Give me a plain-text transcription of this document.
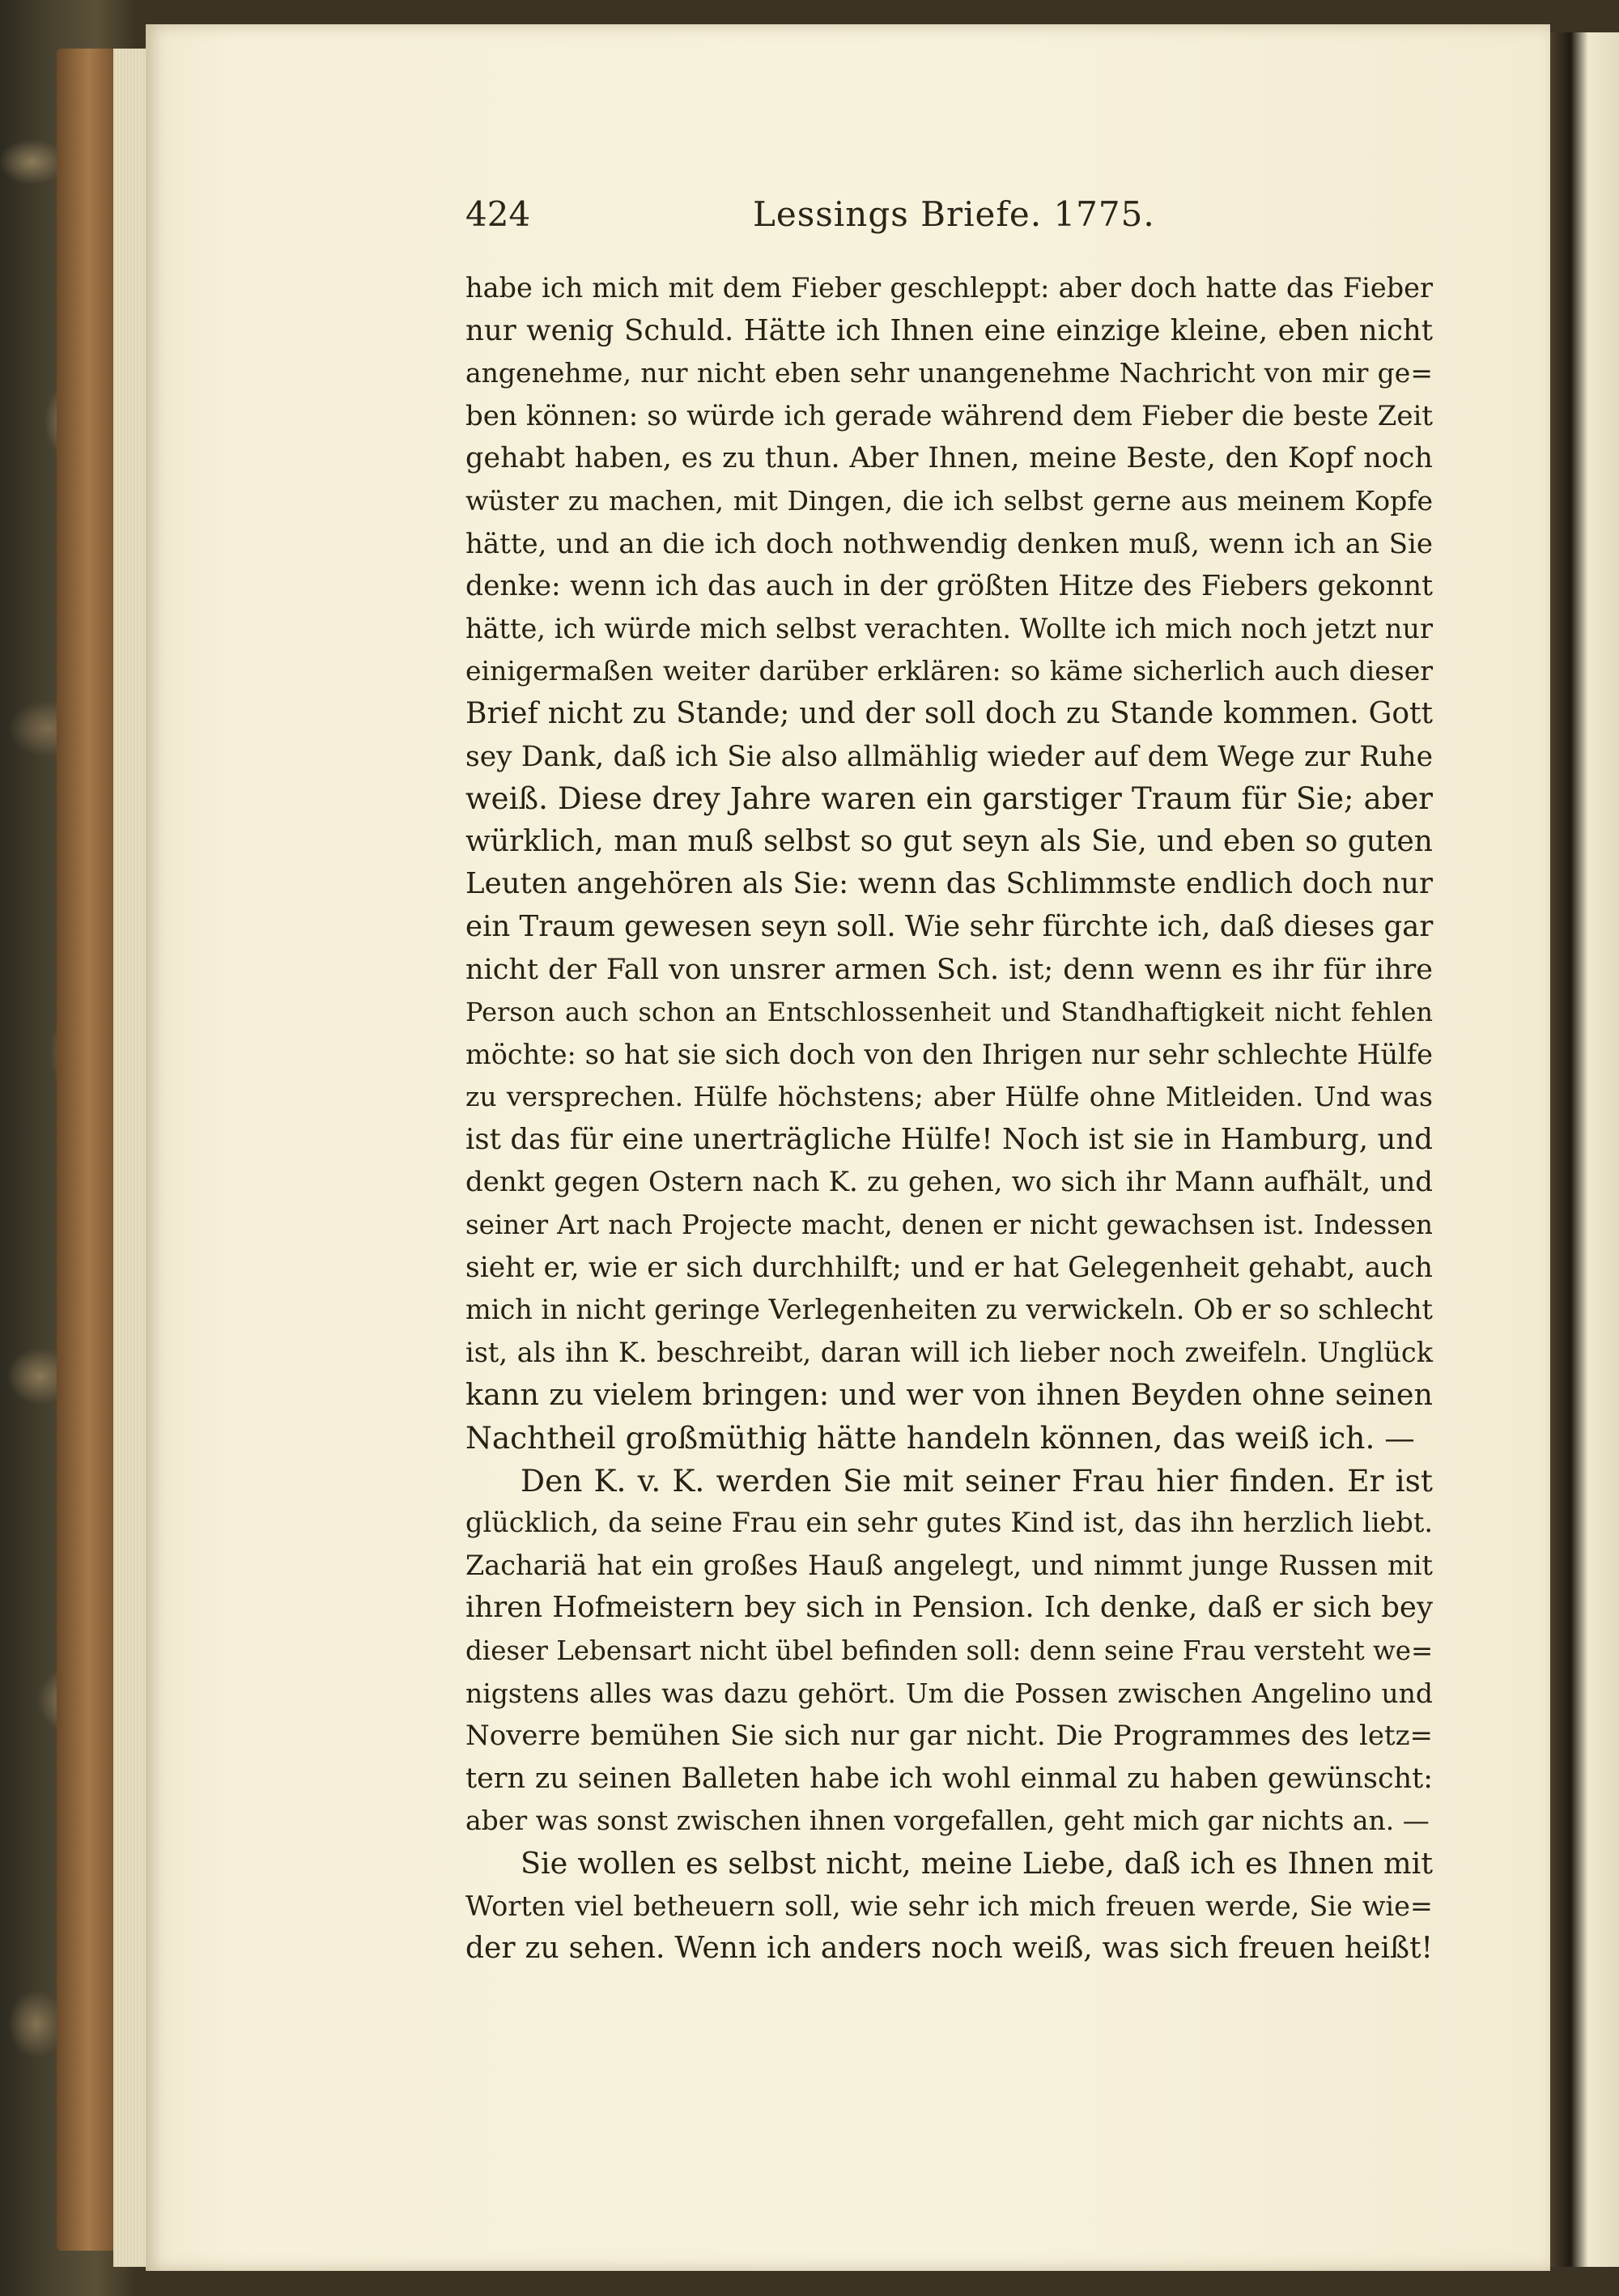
424	Lessings Briefe. 1775.
habe ich mich mit dem Fieber geschleppt: aber doch hatte das Fieber
nur wenig Schuld. Hätte ich Ihnen eine einzige kleine, eben nicht
angenehme, nur nicht eben sehr unangenehme Nachricht von mir ge=
ben können: so würde ich gerade während dem Fieber die beste Zeit
gehabt haben, es zu thun. Aber Ihnen, meine Beste, den Kopf noch
wüster zu machen, mit Dingen, die ich selbst gerne aus meinem Kopfe
hätte, und an die ich doch nothwendig denken muß, wenn ich an Sie
denke: wenn ich das auch in der größten Hitze des Fiebers gekonnt
hätte, ich würde mich selbst verachten. Wollte ich mich noch jetzt nur
einigermaßen weiter darüber erklären: so käme sicherlich auch dieser
Brief nicht zu Stande; und der soll doch zu Stande kommen. Gott
sey Dank, daß ich Sie also allmählig wieder auf dem Wege zur Ruhe
weiß. Diese drey Jahre waren ein garstiger Traum für Sie; aber
würklich, man muß selbst so gut seyn als Sie, und eben so guten
Leuten angehören als Sie: wenn das Schlimmste endlich doch nur
ein Traum gewesen seyn soll. Wie sehr fürchte ich, daß dieses gar
nicht der Fall von unsrer armen Sch. ist; denn wenn es ihr für ihre
Person auch schon an Entschlossenheit und Standhaftigkeit nicht fehlen
möchte: so hat sie sich doch von den Ihrigen nur sehr schlechte Hülfe
zu versprechen. Hülfe höchstens; aber Hülfe ohne Mitleiden. Und was
ist das für eine unerträgliche Hülfe! Noch ist sie in Hamburg, und
denkt gegen Ostern nach K. zu gehen, wo sich ihr Mann aufhält, und
seiner Art nach Projecte macht, denen er nicht gewachsen ist. Indessen
sieht er, wie er sich durchhilft; und er hat Gelegenheit gehabt, auch
mich in nicht geringe Verlegenheiten zu verwickeln. Ob er so schlecht
ist, als ihn K. beschreibt, daran will ich lieber noch zweifeln. Unglück
kann zu vielem bringen: und wer von ihnen Beyden ohne seinen
Nachtheil großmüthig hätte handeln können, das weiß ich. —
Den K. v. K. werden Sie mit seiner Frau hier finden. Er ist
glücklich, da seine Frau ein sehr gutes Kind ist, das ihn herzlich liebt.
Zachariä hat ein großes Hauß angelegt, und nimmt junge Russen mit
ihren Hofmeistern bey sich in Pension. Ich denke, daß er sich bey
dieser Lebensart nicht übel befinden soll: denn seine Frau versteht we=
nigstens alles was dazu gehört. Um die Possen zwischen Angelino und
Noverre bemühen Sie sich nur gar nicht. Die Programmes des letz=
tern zu seinen Balleten habe ich wohl einmal zu haben gewünscht:
aber was sonst zwischen ihnen vorgefallen, geht mich gar nichts an. —
Sie wollen es selbst nicht, meine Liebe, daß ich es Ihnen mit
Worten viel betheuern soll, wie sehr ich mich freuen werde, Sie wie=
der zu sehen. Wenn ich anders noch weiß, was sich freuen heißt!
